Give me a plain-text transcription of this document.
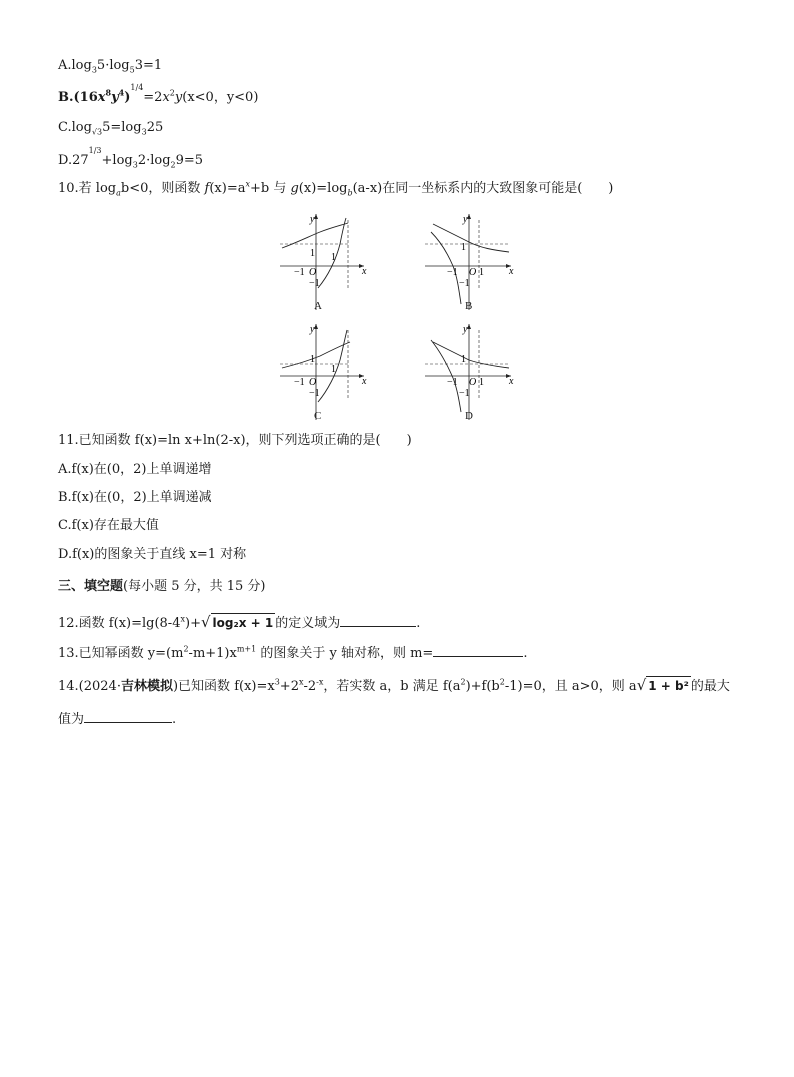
$A.\log_35\cdot\log_53=1$
$B.(16x^8y^4)^{1/4}=2x^2y(x<0$，y<0)
$C.\log_{√3}5=\log_325$
$D.27^{1/3}+\log_32\cdot\log_29=5$
10.若 $\log_ab<0$，则函数 $f(x)=a^x+b$ 与 $g(x)=\log_b(a-x)$在同一坐标系内的大致图象可能是(　　)
y
x
O
−1
−1
1 1
A
y
x
O
−1
−1
1
1
B
y
x
O
−1
−1
1
1
C
y
x
O
−1
−1
1
1
D
11.已知函数 f(x)=ln x+ln(2-x)，则下列选项正确的是(　　)
A.f(x)在(0，2)上单调递增
B.f(x)在(0，2)上单调递减
C.f(x)存在最大值
D.f(x)的图象关于直线 x=1 对称
三、填空题(每小题 5 分，共 15 分)
12.函数 $f(x)=\lg(8-4^x)+√$ log₂x + 1 的定义域为	.
13.已知幂函数 $y=(m^2-m+1)x^{m+1}$ 的图象关于 y 轴对称，则 m=	.
14.(2024·吉林模拟)已知函数 $f(x)=x^3+2^x-2^{-x}$，若实数 a，b 满足 $f(a^2)+f(b^2-1)=0$，且 a>0，则 a√ 1 + b² 的最大
值为	.
